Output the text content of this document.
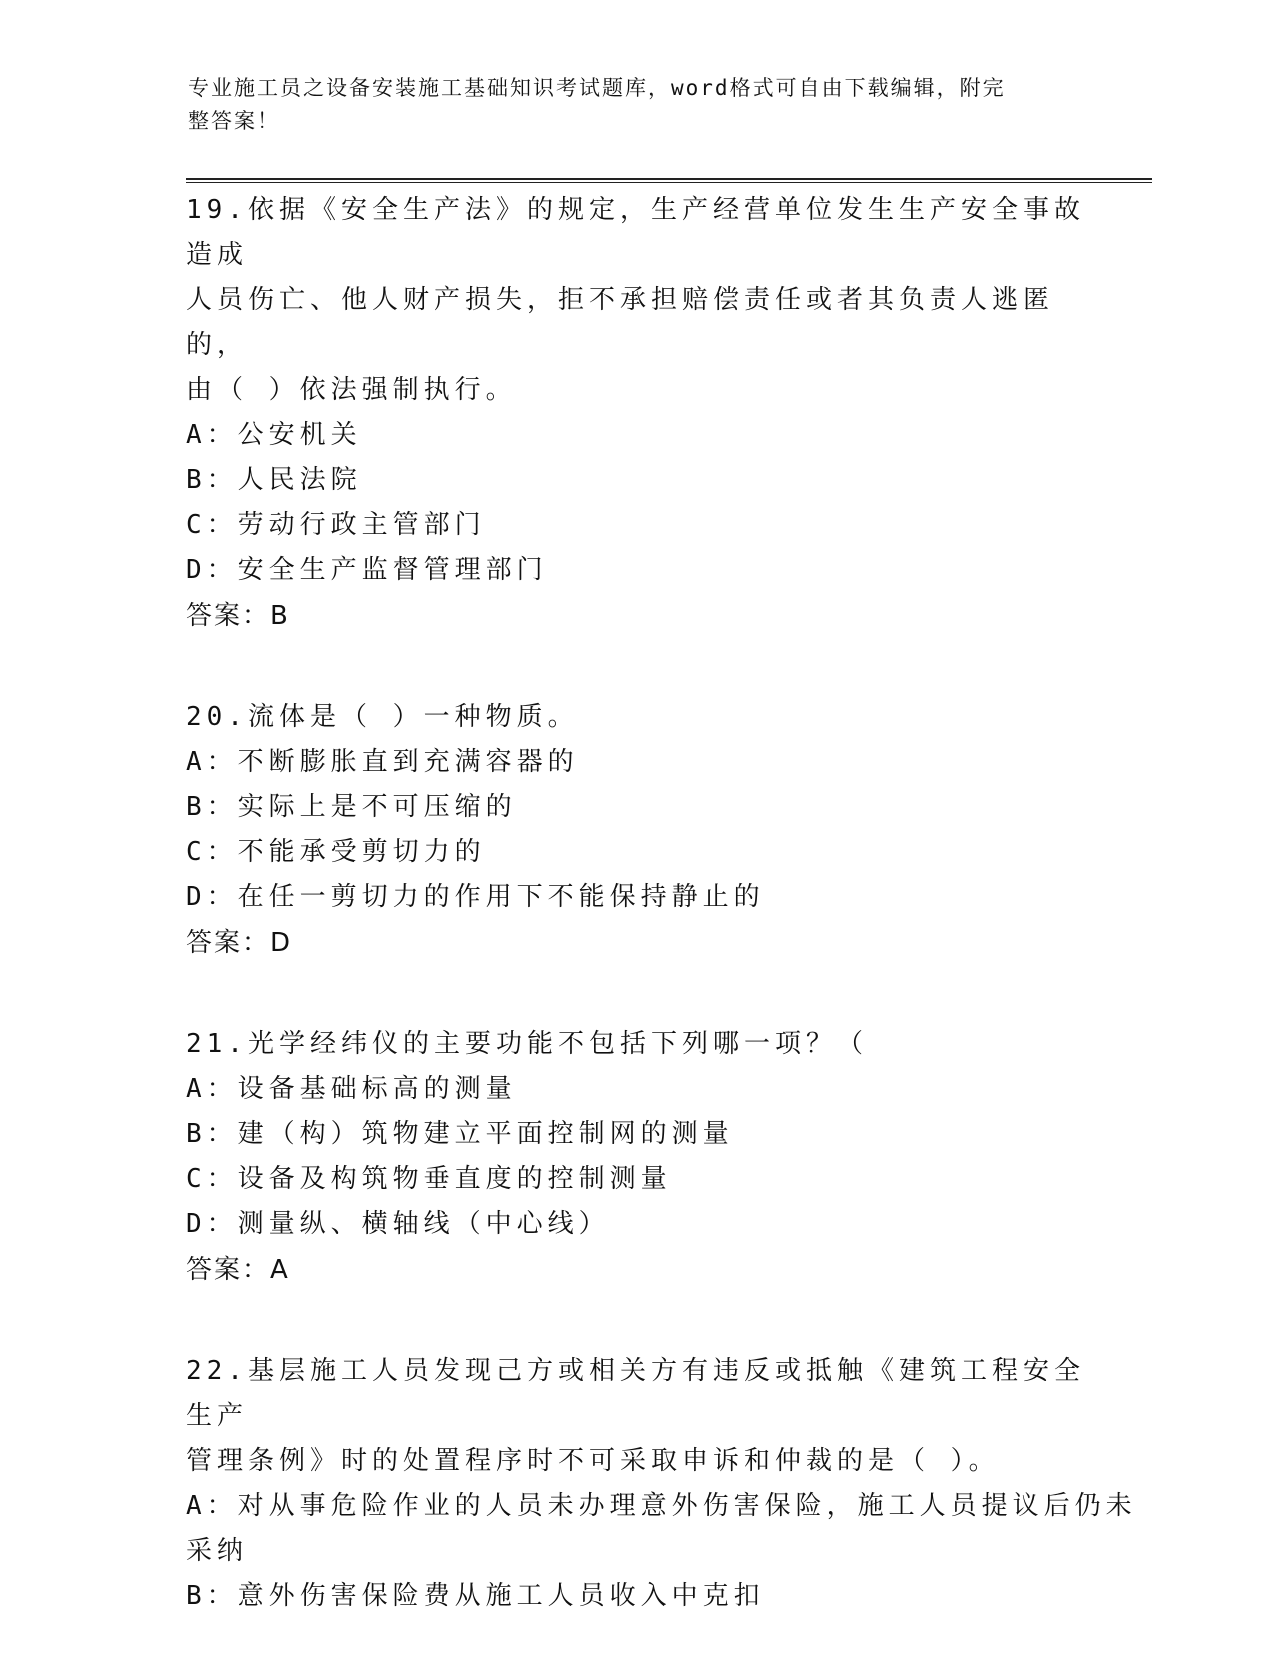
专业施工员之设备安装施工基础知识考试题库，word格式可自由下载编辑，附完
整答案！

19.依据《安全生产法》的规定，生产经营单位发生生产安全事故造成

人员伤亡、他人财产损失，拒不承担赔偿责任或者其负责人逃匿的，

由（ ）依法强制执行。

A：公安机关

B：人民法院

C：劳动行政主管部门

D：安全生产监督管理部门

答案：B

20.流体是（ ）一种物质。

A：不断膨胀直到充满容器的

B：实际上是不可压缩的

C：不能承受剪切力的

D：在任一剪切力的作用下不能保持静止的

答案：D

21.光学经纬仪的主要功能不包括下列哪一项？（

A：设备基础标高的测量

B：建（构）筑物建立平面控制网的测量

C：设备及构筑物垂直度的控制测量

D：测量纵、横轴线（中心线）

答案：A

22.基层施工人员发现己方或相关方有违反或抵触《建筑工程安全生产

管理条例》时的处置程序时不可采取申诉和仲裁的是（ ）。

A：对从事危险作业的人员未办理意外伤害保险，施工人员提议后仍未

采纳

B：意外伤害保险费从施工人员收入中克扣
